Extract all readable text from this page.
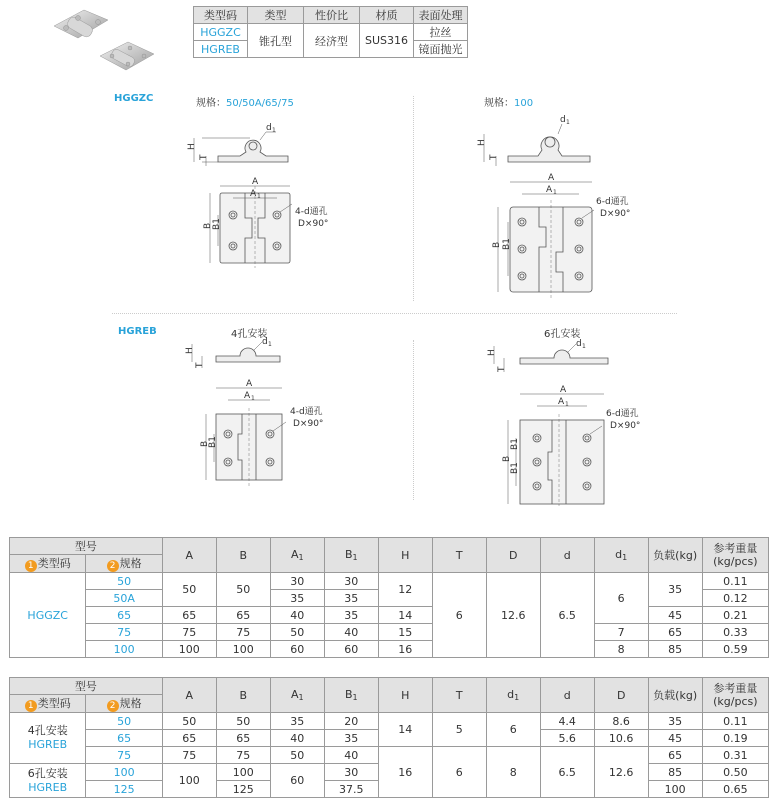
类型码	类型	性价比	材质	表面处理
HGGZC	锥孔型	经济型	SUS316	拉丝
HGREB				镜面抛光
HGGZC
HGREB
规格：50/50A/65/75	规格：100
4孔安装	6孔安装
H
T
d 1
A
A 1
B B1
4-d通孔
D×90°
H
T
d 1
A
A 1
B B1
6-d通孔
D×90°
H
T
d 1
A
A 1
B
B1
4-d通孔
D×90°
H
T
d 1
A
A 1
B
B1
B1
6-d通孔
D×90°
型号		A	B	$A_1$	$B_1$	H	T	D	d	$d_1$	负载(kg)	参考重量
(kg/pcs)
1 类型码	2 规格											
HGGZC	50	50	50	30	30	12	6	12.6	6.5	6	35	0.11
	50A			35	35							0.12
	65	65	65	40	35	14					45	0.21
	75	75	75	50	40	15				7	65	0.33
	100	100	100	60	60	16				8	85	0.59
型号		A	B	$A_1$	$B_1$	H	T	$d_1$	d	D	负载(kg)	参考重量
(kg/pcs)
1 类型码	2 规格											
4孔安装
HGREB	50	50	50	35	20	14	5	6	4.4	8.6	35	0.11
	65	65	65	40	35				5.6	10.6	45	0.19
	75	75	75	50	40	16	6	8	6.5	12.6	65	0.31
6孔安装
HGREB	100	100	100	60	30						85	0.50
	125		125		37.5						100	0.65
